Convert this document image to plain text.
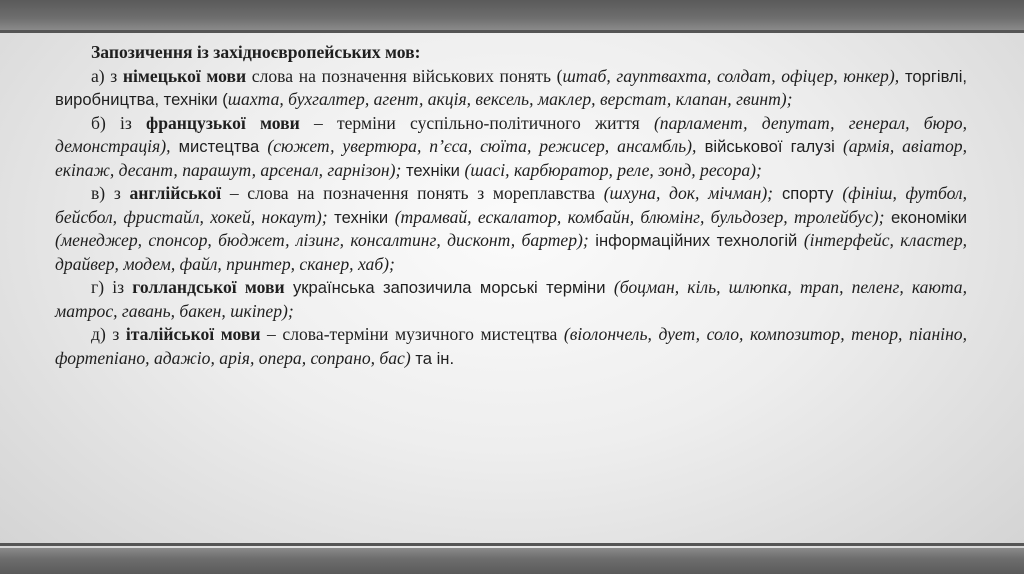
Запозичення із західноєвропейських мов:

а) з німецької мови слова на позначення військових понять (штаб, гауптвахта, солдат, офіцер, юнкер), торгівлі, виробництва, техніки (шахта, бухгалтер, агент, акція, вексель, маклер, верстат, клапан, гвинт);

б) із французької мови – терміни суспільно-політичного життя (парламент, депутат, генерал, бюро, демонстрація), мистецтва (сюжет, увертюра, п’єса, сюїта, режисер, ансамбль), військової галузі (армія, авіатор, екіпаж, десант, парашут, арсенал, гарнізон); техніки (шасі, карбюратор, реле, зонд, ресора);

в) з англійської – слова на позначення понять з мореплавства (шхуна, док, мічман); спорту (фініш, футбол, бейсбол, фристайл, хокей, нокаут); техніки (трамвай, ескалатор, комбайн, блюмінг, бульдозер, тролейбус); економіки (менеджер, спонсор, бюджет, лізинг, консалтинг, дисконт, бартер); інформаційних технологій (інтерфейс, кластер, драйвер, модем, файл, принтер, сканер, хаб);

г) із голландської мови українська запозичила морські терміни (боцман, кіль, шлюпка, трап, пеленг, каюта, матрос, гавань, бакен, шкіпер);

д) з італійської мови – слова-терміни музичного мистецтва (віолончель, дует, соло, композитор, тенор, піаніно, фортепіано, адажіо, арія, опера, сопрано, бас) та ін.
